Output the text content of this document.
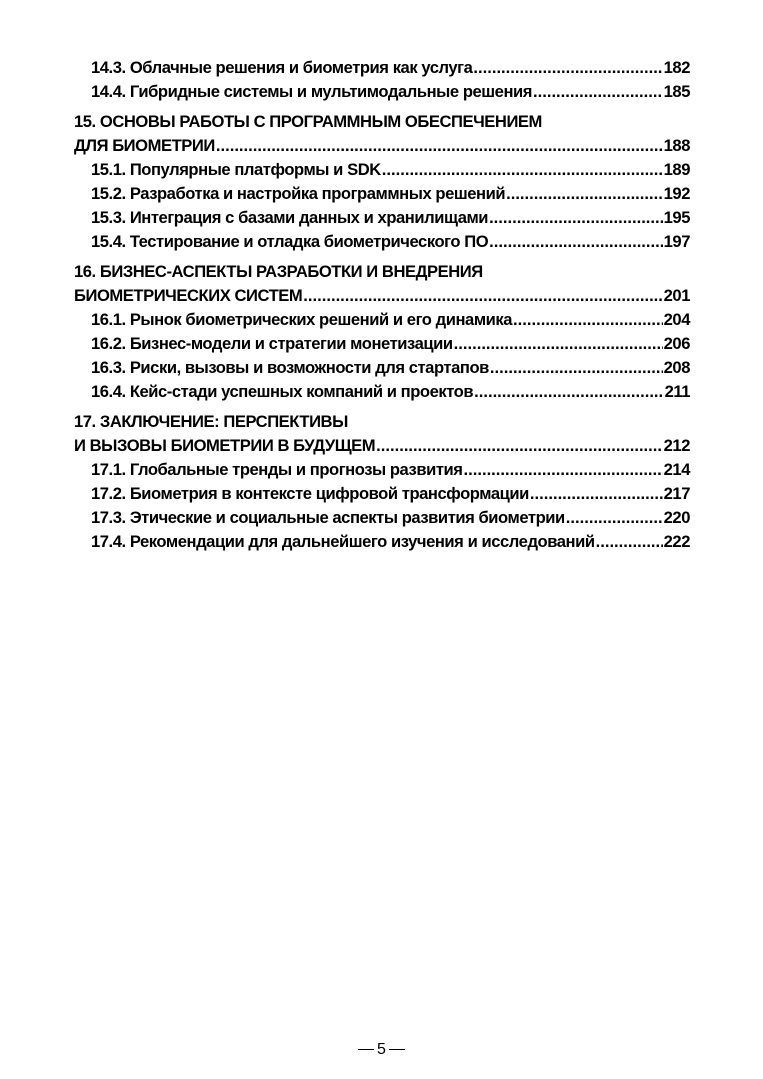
14.3. Облачные решения и биометрия как услуга .....	182
14.4. Гибридные системы и мультимодальные решения .....	185
15. ОСНОВЫ РАБОТЫ С ПРОГРАММНЫМ ОБЕСПЕЧЕНИЕМ
ДЛЯ БИОМЕТРИИ .....	188
15.1. Популярные платформы и SDK .....	189
15.2. Разработка и настройка программных решений .....	192
15.3. Интеграция с базами данных и хранилищами .....	195
15.4. Тестирование и отладка биометрического ПО .....	197
16. БИЗНЕС-АСПЕКТЫ РАЗРАБОТКИ И ВНЕДРЕНИЯ
БИОМЕТРИЧЕСКИХ СИСТЕМ .....	201
16.1. Рынок биометрических решений и его динамика .....	204
16.2. Бизнес-модели и стратегии монетизации .....	206
16.3. Риски, вызовы и возможности для стартапов .....	208
16.4. Кейс-стади успешных компаний и проектов .....	211
17. ЗАКЛЮЧЕНИЕ: ПЕРСПЕКТИВЫ
И ВЫЗОВЫ БИОМЕТРИИ В БУДУЩЕМ .....	212
17.1. Глобальные тренды и прогнозы развития .....	214
17.2. Биометрия в контексте цифровой трансформации .....	217
17.3. Этические и социальные аспекты развития биометрии .....	220
17.4. Рекомендации для дальнейшего изучения и исследований .....	222
5
